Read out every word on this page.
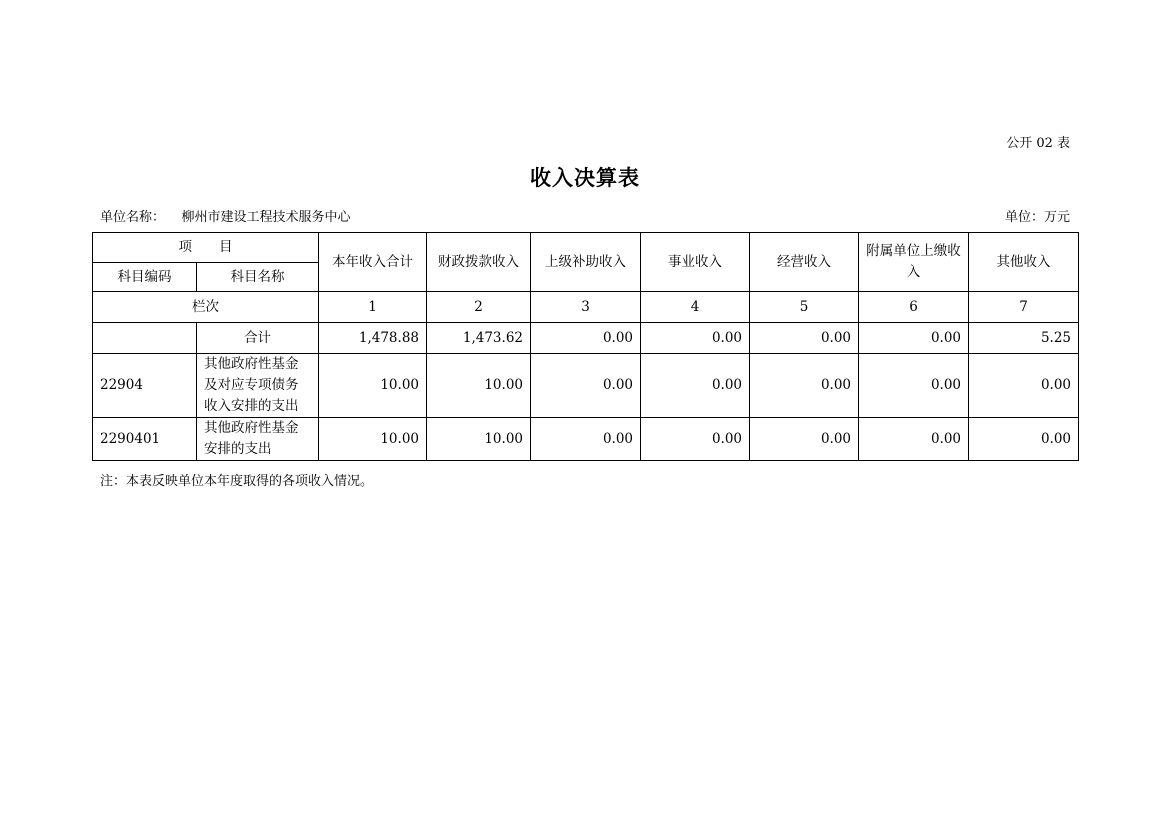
公开 02 表
收入决算表
单位名称： 柳州市建设工程技术服务中心	单位：万元
项　　目		本年收入合计	财政拨款收入	上级补助收入	事业收入	经营收入	附属单位上缴收入	其他收入
科目编码	科目名称							
栏次		1	2	3	4	5	6	7
	合计	1,478.88	1,473.62	0.00	0.00	0.00	0.00	5.25
22904	其他政府性基金及对应专项债务收入安排的支出	10.00	10.00	0.00	0.00	0.00	0.00	0.00
2290401	其他政府性基金安排的支出	10.00	10.00	0.00	0.00	0.00	0.00	0.00
注：本表反映单位本年度取得的各项收入情况。
